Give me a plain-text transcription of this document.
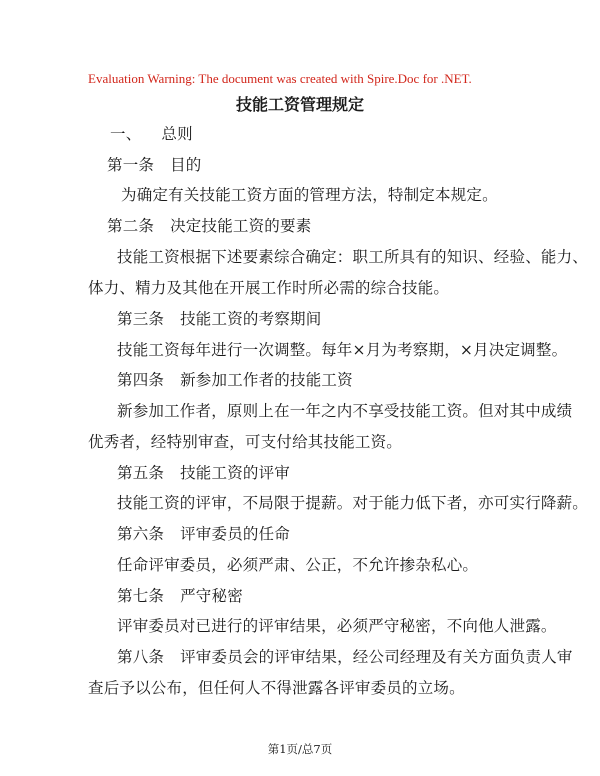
Evaluation Warning: The document was created with Spire.Doc for .NET.
技能工资管理规定
一、 总则
第一条 目的
为确定有关技能工资方面的管理方法，特制定本规定。
第二条 决定技能工资的要素
技能工资根据下述要素综合确定：职工所具有的知识、经验、能力、
体力、精力及其他在开展工作时所必需的综合技能。
第三条 技能工资的考察期间
技能工资每年进行一次调整。每年×月为考察期，×月决定调整。
第四条 新参加工作者的技能工资
新参加工作者，原则上在一年之内不享受技能工资。但对其中成绩
优秀者，经特别审查，可支付给其技能工资。
第五条 技能工资的评审
技能工资的评审，不局限于提薪。对于能力低下者，亦可实行降薪。
第六条 评审委员的任命
任命评审委员，必须严肃、公正，不允许掺杂私心。
第七条 严守秘密
评审委员对已进行的评审结果，必须严守秘密，不向他人泄露。
第八条 评审委员会的评审结果，经公司经理及有关方面负责人审
查后予以公布，但任何人不得泄露各评审委员的立场。
第1页/总7页
